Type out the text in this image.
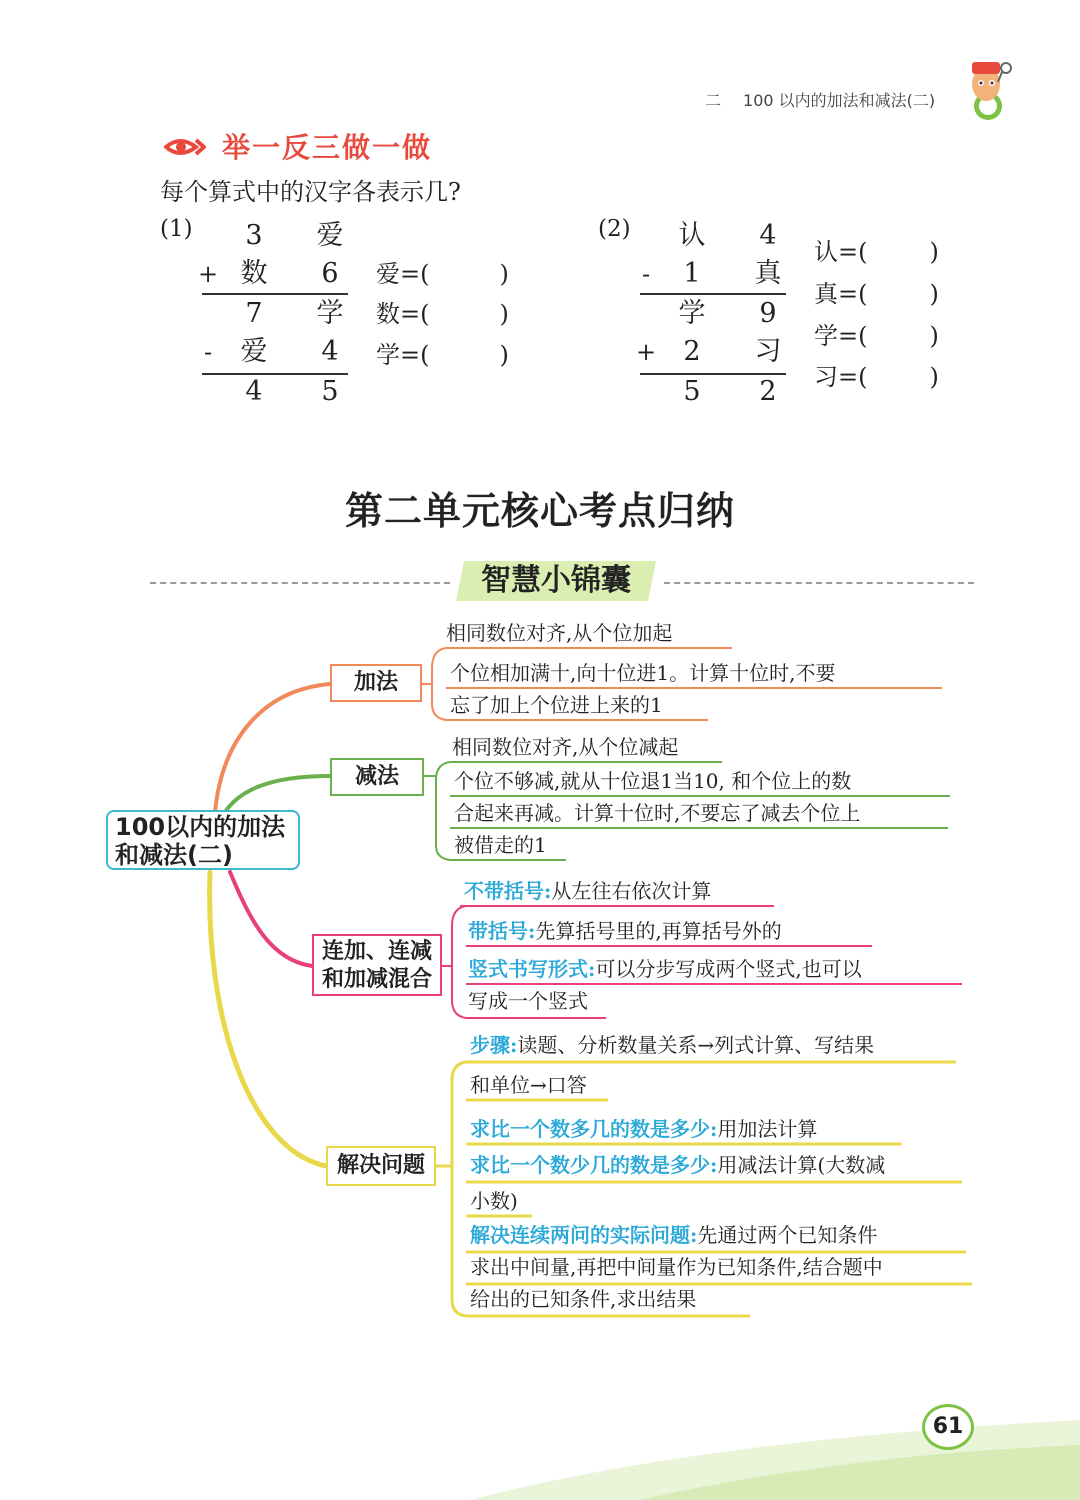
二 100 以内的加法和减法(二)
举一反三做一做
每个算式中的汉字各表示几?
(1)	3	爱
+ 数	6
7	学
- 爱	4
4	5
爱=(	)
数=(	)
学=(	)
(2) 认	4
-	1	真
学	9
+	2	习
5	2
认=(	)
真=(	)
学=(	)
习=(	)
第二单元核心考点归纳
智慧小锦囊
100以内的加法
和减法(二)
加法
相同数位对齐,从个位加起
个位相加满十,向十位进1。计算十位时,不要
忘了加上个位进上来的1
减法
相同数位对齐,从个位减起
个位不够减,就从十位退1当10, 和个位上的数
合起来再减。计算十位时,不要忘了减去个位上
被借走的1
连加、连减
和加减混合
不带括号:从左往右依次计算
带括号:先算括号里的,再算括号外的
竖式书写形式:可以分步写成两个竖式,也可以
写成一个竖式
解决问题
步骤:读题、分析数量关系→列式计算、写结果
和单位→口答
求比一个数多几的数是多少:用加法计算
求比一个数少几的数是多少:用减法计算(大数减
小数)
解决连续两问的实际问题:先通过两个已知条件
求出中间量,再把中间量作为已知条件,结合题中
给出的已知条件,求出结果
61
